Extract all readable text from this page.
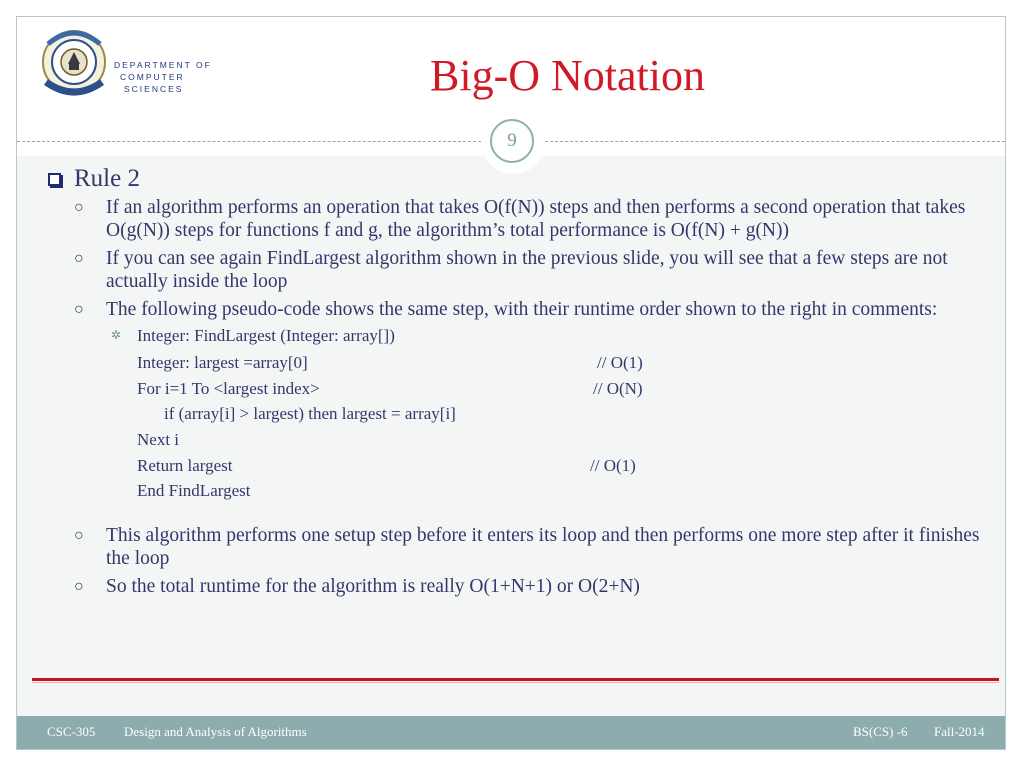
DEPARTMENT OF
COMPUTER
SCIENCES	Big-O Notation
9
Rule 2
○ If an algorithm performs an operation that takes O(f(N)) steps and then performs a second operation that takes O(g(N)) steps for functions f and g, the algorithm’s total performance is O(f(N) + g(N))
○ If you can see again FindLargest algorithm shown in the previous slide, you will see that a few steps are not actually inside the loop
○ The following pseudo-code shows the same step, with their runtime order shown to the right in comments:
✲ Integer: FindLargest (Integer: array[])
Integer: largest =array[0]	// O(1)
For i=1 To <largest index>	// O(N)
if (array[i] > largest) then largest = array[i]
Next i
Return largest	// O(1)
End FindLargest
○ This algorithm performs one setup step before it enters its loop and then performs one more step after it finishes the loop
○ So the total runtime for the algorithm is really O(1+N+1) or O(2+N)
CSC-305 Design and Analysis of Algorithms	BS(CS) -6 Fall-2014
